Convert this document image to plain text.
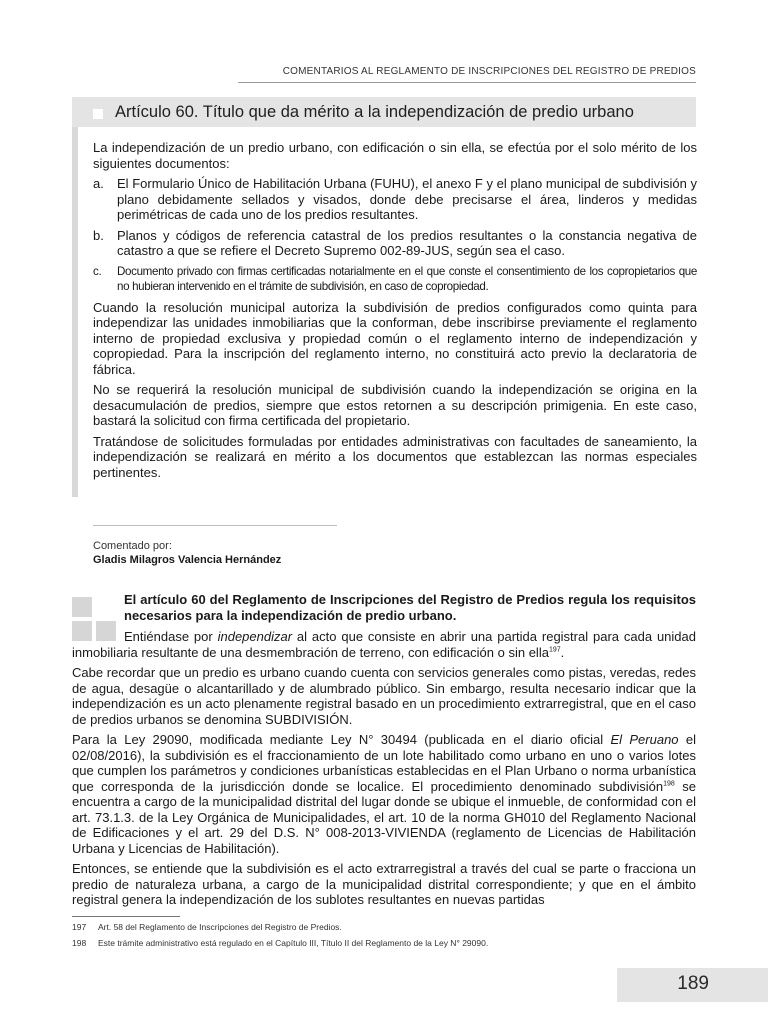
COMENTARIOS AL REGLAMENTO DE INSCRIPCIONES DEL REGISTRO DE PREDIOS
Artículo 60. Título que da mérito a la independización de predio urbano

La independización de un predio urbano, con edificación o sin ella, se efectúa por el solo mérito de los siguientes documentos:

a. El Formulario Único de Habilitación Urbana (FUHU), el anexo F y el plano municipal de subdivisión y plano debidamente sellados y visados, donde debe precisarse el área, linderos y medidas perimétricas de cada uno de los predios resultantes.
b. Planos y códigos de referencia catastral de los predios resultantes o la constancia negativa de catastro a que se refiere el Decreto Supremo 002-89-JUS, según sea el caso.
c. Documento privado con firmas certificadas notarialmente en el que conste el consentimiento de los copropietarios que no hubieran intervenido en el trámite de subdivisión, en caso de copropiedad.

Cuando la resolución municipal autoriza la subdivisión de predios configurados como quinta para independizar las unidades inmobiliarias que la conforman, debe inscribirse previamente el reglamento interno de propiedad exclusiva y propiedad común o el reglamento interno de independización y copropiedad. Para la inscripción del reglamento interno, no constituirá acto previo la declaratoria de fábrica.

No se requerirá la resolución municipal de subdivisión cuando la independización se origina en la desacumulación de predios, siempre que estos retornen a su descripción primigenia. En este caso, bastará la solicitud con firma certificada del propietario.

Tratándose de solicitudes formuladas por entidades administrativas con facultades de saneamiento, la independización se realizará en mérito a los documentos que establezcan las normas especiales pertinentes.

Comentado por:
Gladis Milagros Valencia Hernández

El artículo 60 del Reglamento de Inscripciones del Registro de Predios regula los requisitos necesarios para la independización de predio urbano.

Entiéndase por independizar al acto que consiste en abrir una partida registral para cada unidad inmobiliaria resultante de una desmembración de terreno, con edificación o sin ella$^{197}$.

Cabe recordar que un predio es urbano cuando cuenta con servicios generales como pistas, veredas, redes de agua, desagüe o alcantarillado y de alumbrado público. Sin embargo, resulta necesario indicar que la independización es un acto plenamente registral basado en un procedimiento extrarregistral, que en el caso de predios urbanos se denomina SUBDIVISIÓN.

Para la Ley 29090, modificada mediante Ley N° 30494 (publicada en el diario oficial El Peruano el 02/08/2016), la subdivisión es el fraccionamiento de un lote habilitado como urbano en uno o varios lotes que cumplen los parámetros y condiciones urbanísticas establecidas en el Plan Urbano o norma urbanística que corresponda de la jurisdicción donde se localice. El procedimiento denominado subdivisión$^{198}$ se encuentra a cargo de la municipalidad distrital del lugar donde se ubique el inmueble, de conformidad con el art. 73.1.3. de la Ley Orgánica de Municipalidades, el art. 10 de la norma GH010 del Reglamento Nacional de Edificaciones y el art. 29 del D.S. N° 008-2013-VIVIENDA (reglamento de Licencias de Habilitación Urbana y Licencias de Habilitación).

Entonces, se entiende que la subdivisión es el acto extrarregistral a través del cual se parte o fracciona un predio de naturaleza urbana, a cargo de la municipalidad distrital correspondiente; y que en el ámbito registral genera la independización de los sublotes resultantes en nuevas partidas

197 Art. 58 del Reglamento de Inscripciones del Registro de Predios.
198 Este trámite administrativo está regulado en el Capítulo III, Título II del Reglamento de la Ley N° 29090.
189
